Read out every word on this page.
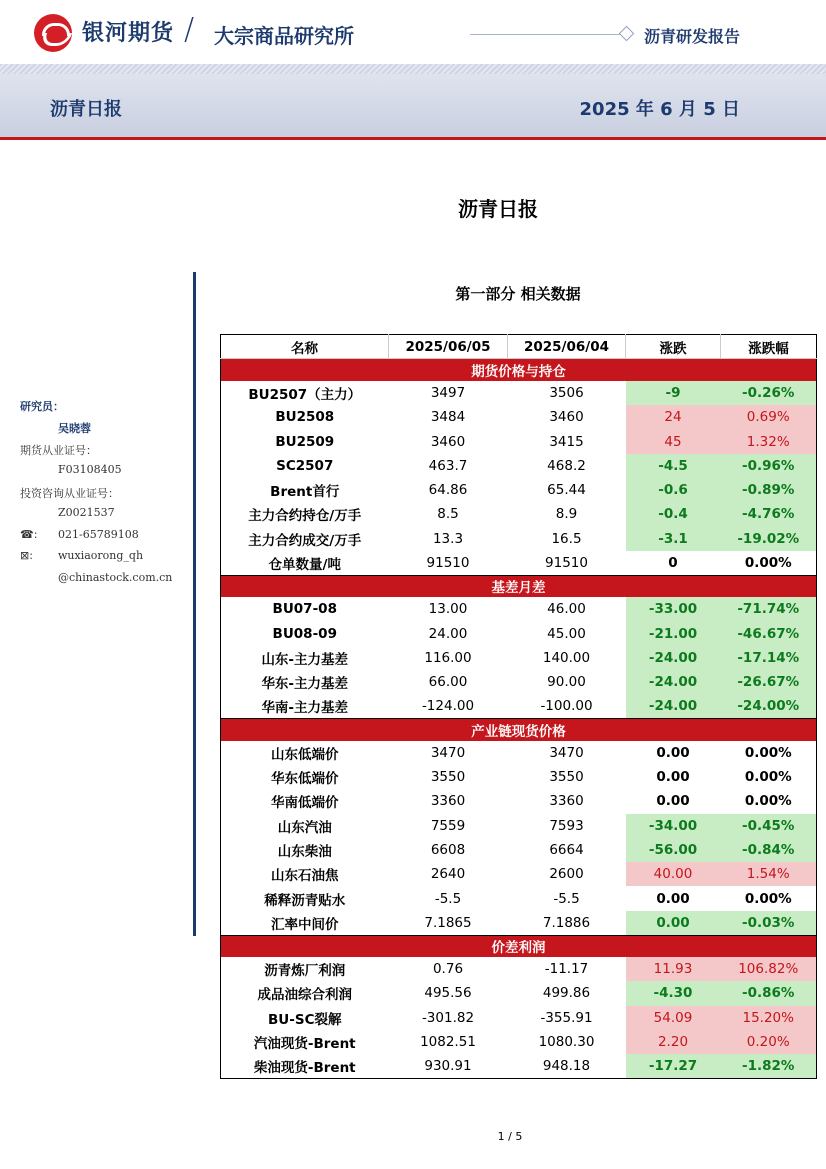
银河期货 / 大宗商品研究所	沥青研发报告
沥青日报	2025 年 6 月 5 日
沥青日报
研究员：
吴晓蓉
期货从业证号：
F03108405
投资咨询从业证号：
Z0021537
☎: 021-65789108
⊠: wuxiaorong_qh
@chinastock.com.cn
第一部分 相关数据
名称	2025/06/05	2025/06/04	涨跌	涨跌幅
期货价格与持仓				
BU2507（主力）	3497	3506	-9	-0.26%
BU2508	3484	3460	24	0.69%
BU2509	3460	3415	45	1.32%
SC2507	463.7	468.2	-4.5	-0.96%
Brent首行	64.86	65.44	-0.6	-0.89%
主力合约持仓/万手	8.5	8.9	-0.4	-4.76%
主力合约成交/万手	13.3	16.5	-3.1	-19.02%
仓单数量/吨	91510	91510	0	0.00%
基差月差				
BU07-08	13.00	46.00	-33.00	-71.74%
BU08-09	24.00	45.00	-21.00	-46.67%
山东-主力基差	116.00	140.00	-24.00	-17.14%
华东-主力基差	66.00	90.00	-24.00	-26.67%
华南-主力基差	-124.00	-100.00	-24.00	-24.00%
产业链现货价格				
山东低端价	3470	3470	0.00	0.00%
华东低端价	3550	3550	0.00	0.00%
华南低端价	3360	3360	0.00	0.00%
山东汽油	7559	7593	-34.00	-0.45%
山东柴油	6608	6664	-56.00	-0.84%
山东石油焦	2640	2600	40.00	1.54%
稀释沥青贴水	-5.5	-5.5	0.00	0.00%
汇率中间价	7.1865	7.1886	0.00	-0.03%
价差利润				
沥青炼厂利润	0.76	-11.17	11.93	106.82%
成品油综合利润	495.56	499.86	-4.30	-0.86%
BU-SC裂解	-301.82	-355.91	54.09	15.20%
汽油现货-Brent	1082.51	1080.30	2.20	0.20%
柴油现货-Brent	930.91	948.18	-17.27	-1.82%
1 / 5
